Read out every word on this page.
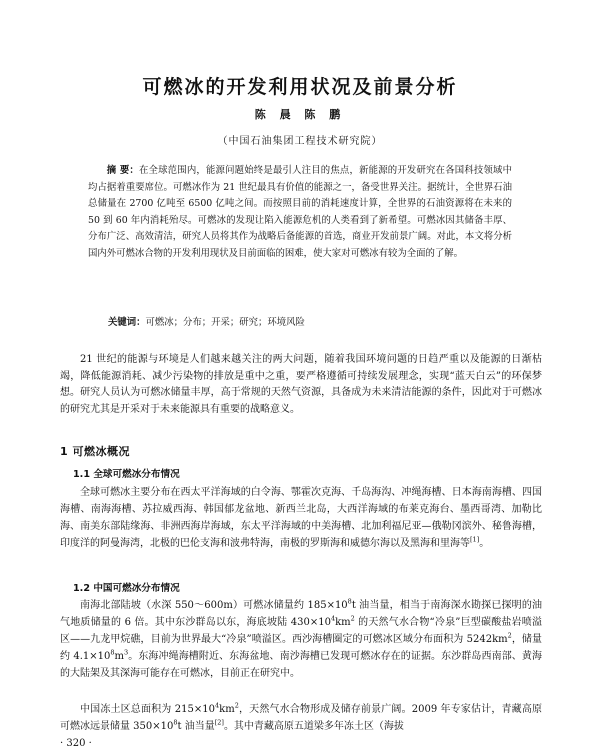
可燃冰的开发利用状况及前景分析
陈 晨 陈 鹏
（中国石油集团工程技术研究院）
摘 要：在全球范围内，能源问题始终是最引人注目的焦点，新能源的开发研究在各国科技领域中均占据着重要席位。可燃冰作为 21 世纪最具有价值的能源之一，备受世界关注。据统计，全世界石油总储量在 2700 亿吨至 6500 亿吨之间。而按照目前的消耗速度计算，全世界的石油资源将在未来的 50 到 60 年内消耗殆尽。可燃冰的发现让陷入能源危机的人类看到了新希望。可燃冰因其储备丰厚、分布广泛、高效清洁，研究人员将其作为战略后备能源的首选，商业开发前景广阔。对此，本文将分析国内外可燃冰合物的开发利用现状及目前面临的困难，使大家对可燃冰有较为全面的了解。
关键词：可燃冰；分布；开采；研究；环境风险
21 世纪的能源与环境是人们越来越关注的两大问题，随着我国环境问题的日趋严重以及能源的日渐枯竭，降低能源消耗、减少污染物的排放是重中之重，要严格遵循可持续发展理念，实现“蓝天白云”的环保梦想。研究人员认为可燃冰储量丰厚，高于常规的天然气资源，具备成为未来清洁能源的条件，因此对于可燃冰的研究尤其是开采对于未来能源具有重要的战略意义。
1 可燃冰概况
1.1 全球可燃冰分布情况
全球可燃冰主要分布在西太平洋海域的白令海、鄂霍次克海、千岛海沟、冲绳海槽、日本海南海槽、四国海槽、南海海槽、苏拉威西海、韩国郁龙盆地、新西兰北岛，大西洋海域的布莱克海台、墨西哥湾、加勒比海、南美东部陆缘海、非洲西海岸海域，东太平洋海域的中美海槽、北加利福尼亚—俄勒冈滨外、秘鲁海槽，印度洋的阿曼海湾，北极的巴伦支海和波弗特海，南极的罗斯海和威德尔海以及黑海和里海等[1]。
1.2 中国可燃冰分布情况
南海北部陆坡（水深 550～600m）可燃冰储量约 $185\times 10^8t$ 油当量，相当于南海深水勘探已探明的油气地质储量的 6 倍。其中东沙群岛以东，海底坡陆 $430\times 10^4km^2$ 的天然气水合物“冷泉”巨型碳酸盐岩喷溢区——九龙甲烷礁，目前为世界最大“冷泉”喷溢区。西沙海槽圈定的可燃冰区域分布面积为 $5242km^2$，储量约 $4.1\times 10^8m^3$。东海冲绳海槽附近、东海盆地、南沙海槽已发现可燃冰存在的证据。东沙群岛西南部、黄海的大陆架及其深海可能存在可燃冰，目前正在研究中。
中国冻土区总面积为 $215\times 10^4km^2$，天然气水合物形成及储存前景广阔。2009 年专家估计，青藏高原可燃冰远景储量 $350\times 10^8t$ 油当量[2]。其中青藏高原五道梁多年冻土区（海拔
· 320 ·
